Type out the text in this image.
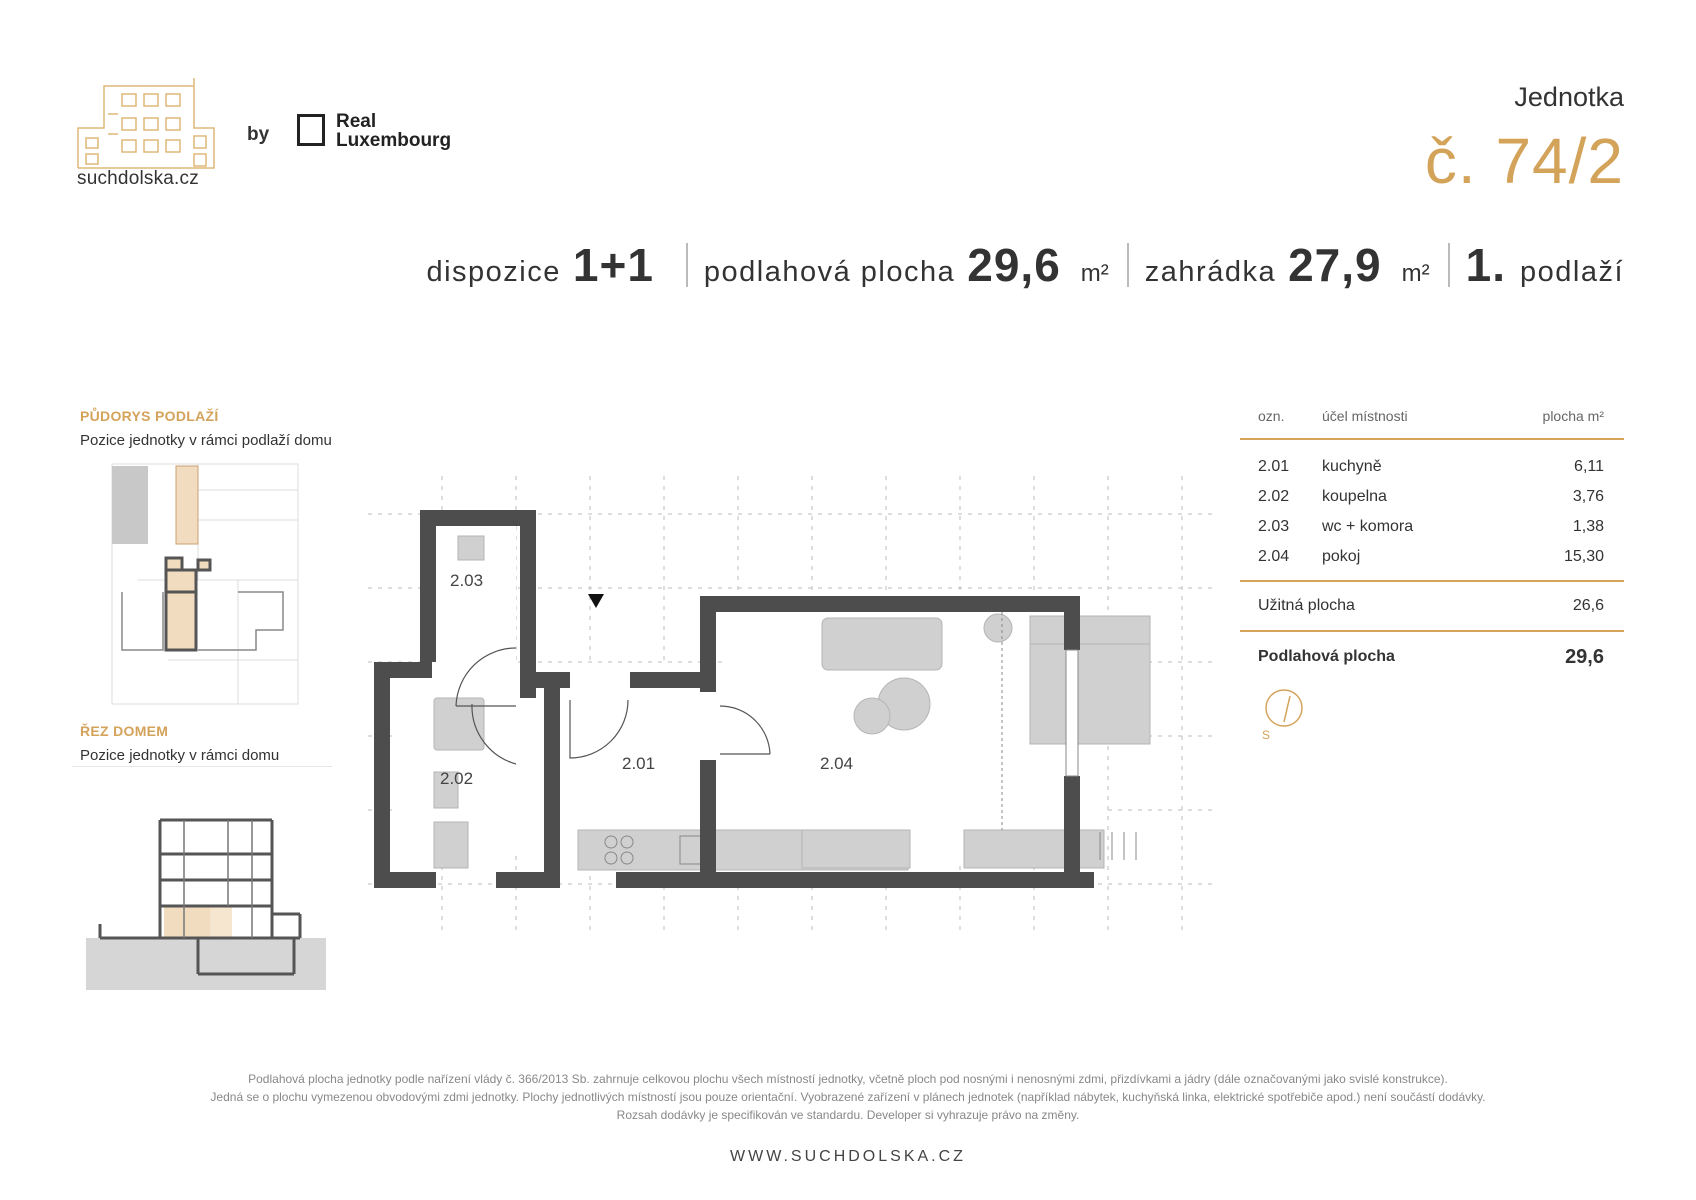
suchdolska.cz
by
Real
Luxembourg
Jednotka
č. 74/2
dispozice 1+1 podlahová plocha 29,6 m² zahrádka 27,9 m² 1. podlaží
PŮDORYS PODLAŽÍ
Pozice jednotky v rámci podlaží domu
ŘEZ DOMEM
Pozice jednotky v rámci domu
2.03
2.02
2.01	2.04
ozn.	účel místnosti	plocha m²
2.01	kuchyně	6,11
2.02	koupelna	3,76
2.03	wc + komora	1,38
2.04	pokoj	15,30
Užitná plocha	26,6
Podlahová plocha	29,6
S
Podlahová plocha jednotky podle nařízení vlády č. 366/2013 Sb. zahrnuje celkovou plochu všech místností jednotky, včetně ploch pod nosnými i nenosnými zdmi, přizdívkami a jádry (dále označovanými jako svislé konstrukce).
Jedná se o plochu vymezenou obvodovými zdmi jednotky. Plochy jednotlivých místností jsou pouze orientační. Vyobrazené zařízení v plánech jednotek (například nábytek, kuchyňská linka, elektrické spotřebiče apod.) není součástí dodávky.
Rozsah dodávky je specifikován ve standardu. Developer si vyhrazuje právo na změny.
WWW.SUCHDOLSKA.CZ
